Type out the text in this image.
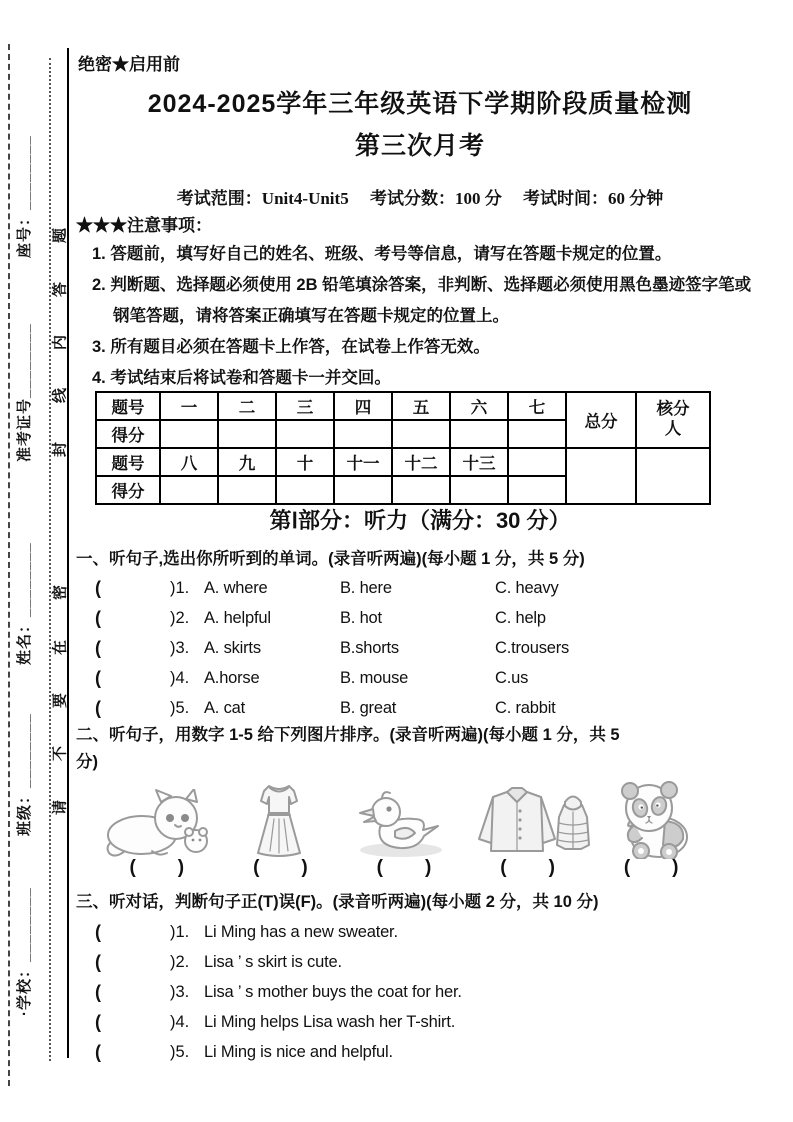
座号：________
准考证号________
姓名：________
班级：________
·学校：________
题
答
内
线
封
密
在
要
不
请
绝密★启用前
2024-2025学年三年级英语下学期阶段质量检测
第三次月考
考试范围：Unit4-Unit5　 考试分数：100 分 　考试时间：60 分钟
★★★注意事项：
1. 答题前，填写好自己的姓名、班级、考号等信息，请写在答题卡规定的位置。
2. 判断题、选择题必须使用 2B 铅笔填涂答案，非判断、选择题必须使用黑色墨迹签字笔或钢笔答题，请将答案正确填写在答题卡规定的位置上。
3. 所有题目必须在答题卡上作答，在试卷上作答无效。
4. 考试结束后将试卷和答题卡一并交回。
题号	一	二	三	四	五	六	七	总分	核分人
得分									
题号	八	九	十	十一	十二	十三			
得分									
第Ⅰ部分：听力（满分：30 分）
一、听句子,选出你所听到的单词。(录音听两遍)(每小题 1 分，共 5 分)
(	)1. A. where	B. here	C. heavy
(	)2. A. helpful	B. hot	C. help
(	)3. A. skirts	B.shorts	C.trousers
(	)4. A.horse	B. mouse	C.us
(	)5. A. cat	B. great	C. rabbit
二、听句子，用数字 1-5 给下列图片排序。(录音听两遍)(每小题 1 分，共 5
分)
( )	( )	( )	( )	( )
三、听对话，判断句子正(T)误(F)。(录音听两遍)(每小题 2 分，共 10 分)
(	)1. Li Ming has a new sweater.
(	)2. Lisa ’ s skirt is cute.
(	)3. Lisa ’ s mother buys the coat for her.
(	)4. Li Ming helps Lisa wash her T-shirt.
(	)5. Li Ming is nice and helpful.
